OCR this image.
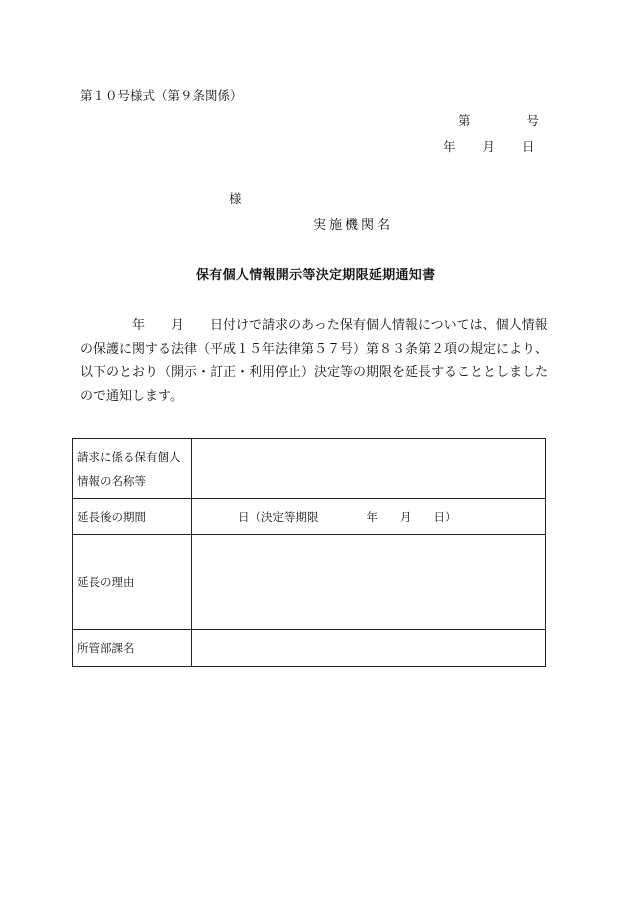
第１０号様式（第９条関係）
第	号
年 月 日
様
実施機関名
保有個人情報開示等決定期限延期通知書
年　　月　　日付けで請求のあった保有個人情報については、個人情報
の保護に関する法律（平成１５年法律第５７号）第８３条第２項の規定により、
以下のとおり（開示・訂正・利用停止）決定等の期限を延長することとしました
ので通知します。
請求に係る保有個人
情報の名称等	

延長後の期間	日（決定等期限 年 月 日）
延長の理由	
所管部課名	
